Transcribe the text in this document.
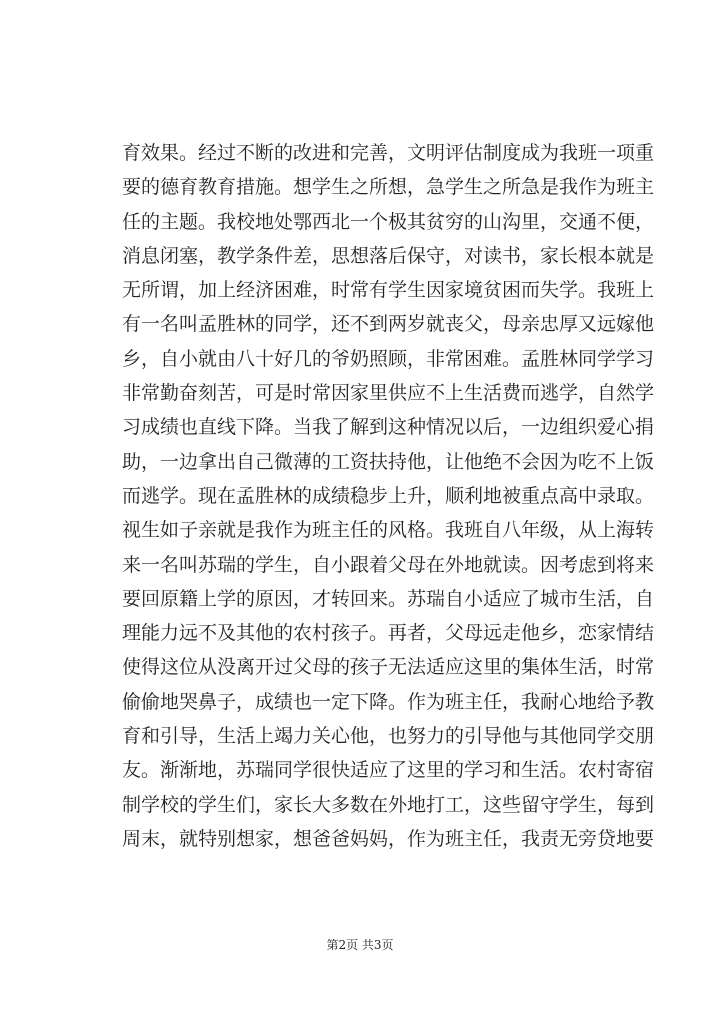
育效果。经过不断的改进和完善，文明评估制度成为我班一项重
要的德育教育措施。想学生之所想，急学生之所急是我作为班主
任的主题。我校地处鄂西北一个极其贫穷的山沟里，交通不便，
消息闭塞，教学条件差，思想落后保守，对读书，家长根本就是
无所谓，加上经济困难，时常有学生因家境贫困而失学。我班上
有一名叫孟胜林的同学，还不到两岁就丧父，母亲忠厚又远嫁他
乡，自小就由八十好几的爷奶照顾，非常困难。孟胜林同学学习
非常勤奋刻苦，可是时常因家里供应不上生活费而逃学，自然学
习成绩也直线下降。当我了解到这种情况以后，一边组织爱心捐
助，一边拿出自己微薄的工资扶持他，让他绝不会因为吃不上饭
而逃学。现在孟胜林的成绩稳步上升，顺利地被重点高中录取。
视生如子亲就是我作为班主任的风格。我班自八年级，从上海转
来一名叫苏瑞的学生，自小跟着父母在外地就读。因考虑到将来
要回原籍上学的原因，才转回来。苏瑞自小适应了城市生活，自
理能力远不及其他的农村孩子。再者，父母远走他乡，恋家情结
使得这位从没离开过父母的孩子无法适应这里的集体生活，时常
偷偷地哭鼻子，成绩也一定下降。作为班主任，我耐心地给予教
育和引导，生活上竭力关心他，也努力的引导他与其他同学交朋
友。渐渐地，苏瑞同学很快适应了这里的学习和生活。农村寄宿
制学校的学生们，家长大多数在外地打工，这些留守学生，每到
周末，就特别想家，想爸爸妈妈，作为班主任，我责无旁贷地要
第2页 共3页
